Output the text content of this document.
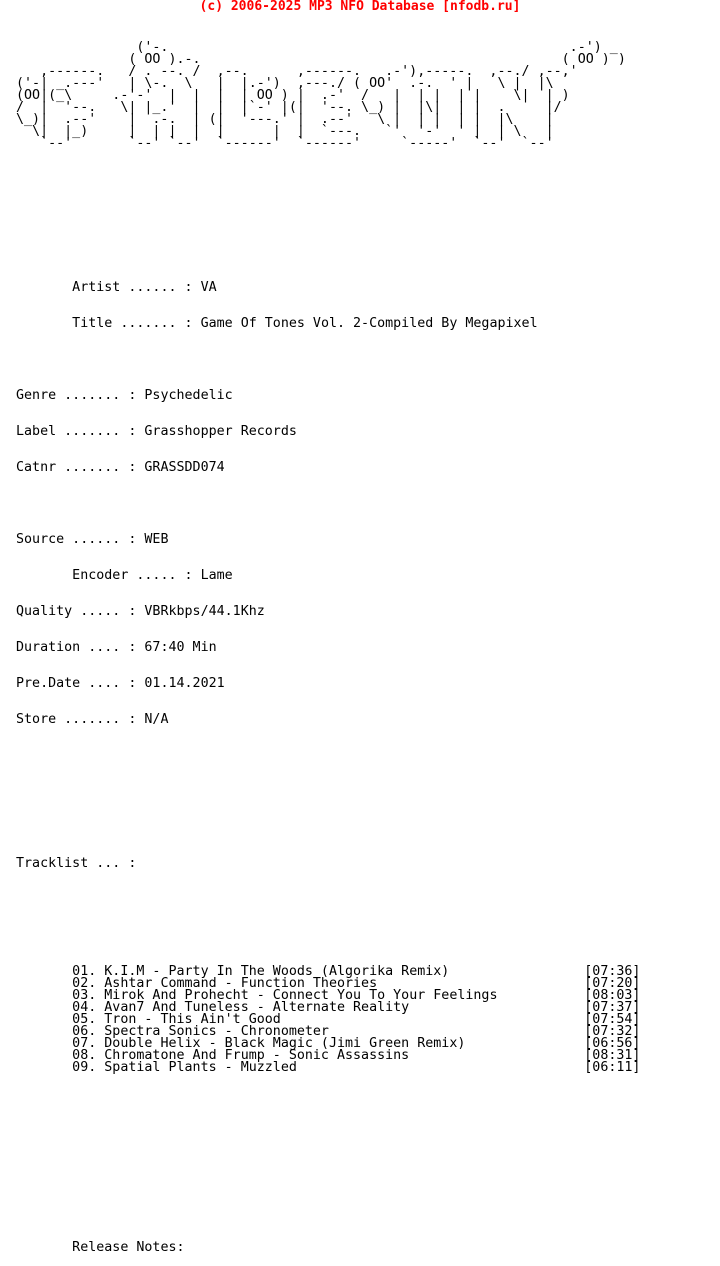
(c) 2006-2025 MP3 NFO Database [nfodb.ru]

('-.                                                  .-') _
( OO ).-.                                             ( OO ) )
,------.   / . --. /  ,--.      ,------.   .-'),-----.  ,--./ ,--,'
('-| _.---'   | \-.  \   |  |.-')  ,---./ ( OO'  .-.  ' |   \ |  |\
(OO|(_\     .-'-'  |  |  |  | OO ) |  .-'  /   |  | |  | |    \|  | )
/  |  '--.   \| |_.'  |  |  |`-' |(|  '--. \_) |  |\|  | |  .     |/
\_)|  .--'    |  .-.  | (|  '---.' |  .--'   \ |  | |  | |  |\    |
\|  |_)     |  | |  |  |      |  |  `---.   `'  '-'  ' |  | \   |
`--'       `--' `--'  `------'  `------'     `-----'  `--'  `--'

Artist ...... : VA

Title ....... : Game Of Tones Vol. 2-Compiled By Megapixel

Genre ....... : Psychedelic

Label ....... : Grasshopper Records

Catnr ....... : GRASSDD074

Source ...... : WEB

Encoder ..... : Lame

Quality ..... : VBRkbps/44.1Khz

Duration .... : 67:40 Min

Pre.Date .... : 01.14.2021

Store ....... : N/A

Tracklist ... :

01. K.I.M - Party In The Woods (Algorika Remix)	[07:36]
02. Ashtar Command - Function Theories	[07:20]
03. Mirok And Prohecht - Connect You To Your Feelings	[08:03]
04. Avan7 And Tuneless - Alternate Reality	[07:37]
05. Tron - This Ain't Good	[07:54]
06. Spectra Sonics - Chronometer	[07:32]
07. Double Helix - Black Magic (Jimi Green Remix)	[06:56]
08. Chromatone And Frump - Sonic Assassins	[08:31]
09. Spatial Plants - Muzzled	[06:11]

Release Notes:
